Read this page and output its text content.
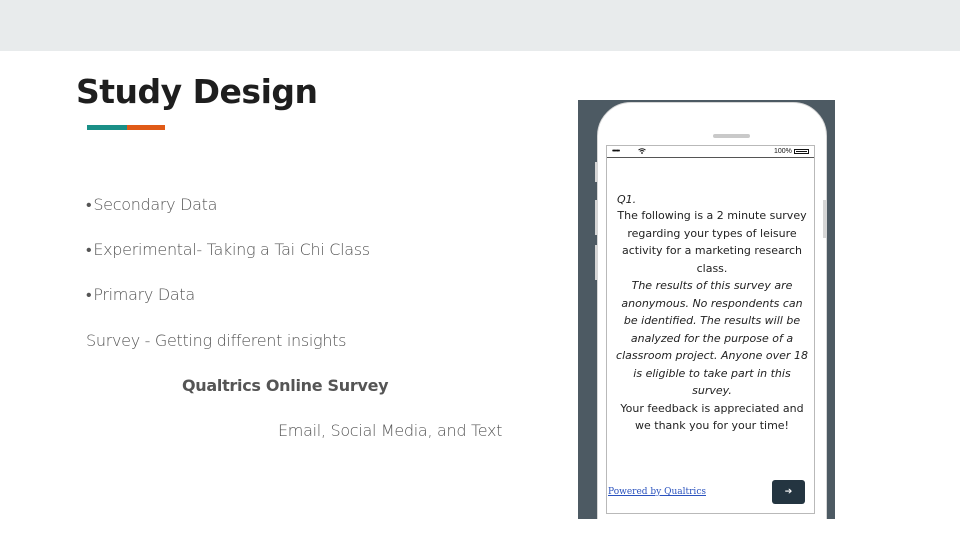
Study Design
• Secondary Data
• Experimental- Taking a Tai Chi Class
• Primary Data
Survey - Getting different insights
Qualtrics Online Survey
Email, Social Media, and Text
•••••	100%
Q1.
The following is a 2 minute survey regarding your types of leisure activity for a marketing research class.
The results of this survey are anonymous. No respondents can be identified. The results will be analyzed for the purpose of a classroom project. Anyone over 18 is eligible to take part in this survey.
Your feedback is appreciated and we thank you for your time!
Powered by Qualtrics	➔
